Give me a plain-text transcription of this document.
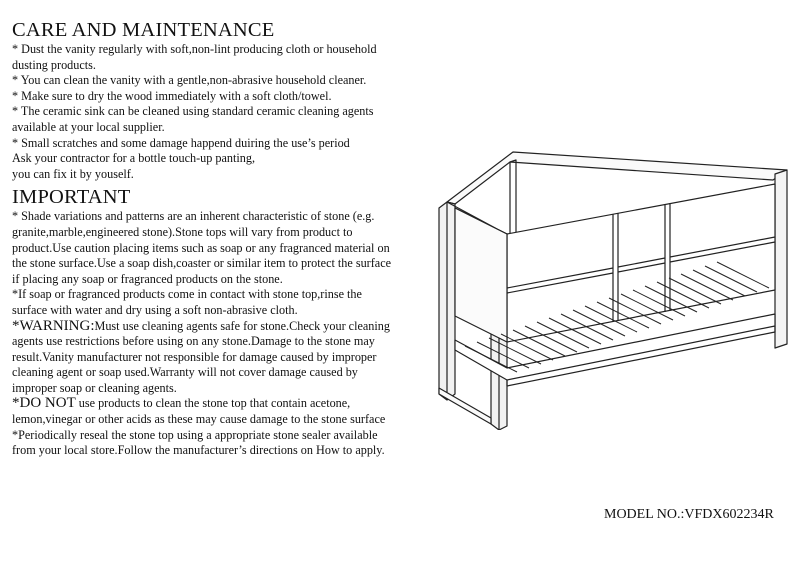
CARE AND MAINTENANCE

* Dust the vanity regularly with soft,non-lint producing cloth or household dusting products.

* You can clean the vanity with a gentle,non-abrasive household cleaner.

* Make sure to dry the wood immediately with a soft cloth/towel.

* The ceramic sink can be cleaned using standard ceramic cleaning agents available at your local supplier.

* Small scratches and some damage happend duiring the use’s period

Ask your contractor for a bottle touch-up panting,

you can fix it by youself.

IMPORTANT

* Shade variations and patterns are an inherent characteristic of stone (e.g. granite,marble,engineered stone).Stone tops will vary from product to product.Use caution placing items such as soap or any fragranced material on the stone surface.Use a soap dish,coaster or similar item to protect the surface if placing any soap or fragranced products on the stone.

*If soap or fragranced products come in contact with stone top,rinse the surface with water and dry using a soft non-abrasive cloth.

*WARNING:Must use cleaning agents safe for stone.Check your cleaning agents use restrictions before using on any stone.Damage to the stone may result.Vanity manufacturer not responsible for damage caused by improper cleaning agent or soap used.Warranty will not cover damage caused by improper soap or cleaning agents.

*DO NOT use products to clean the stone top that contain acetone, lemon,vinegar or other acids as these may cause damage to the stone surface

*Periodically reseal the stone top using a appropriate stone sealer available from your local store.Follow the manufacturer’s directions on How to apply.

MODEL NO.:VFDX602234R
